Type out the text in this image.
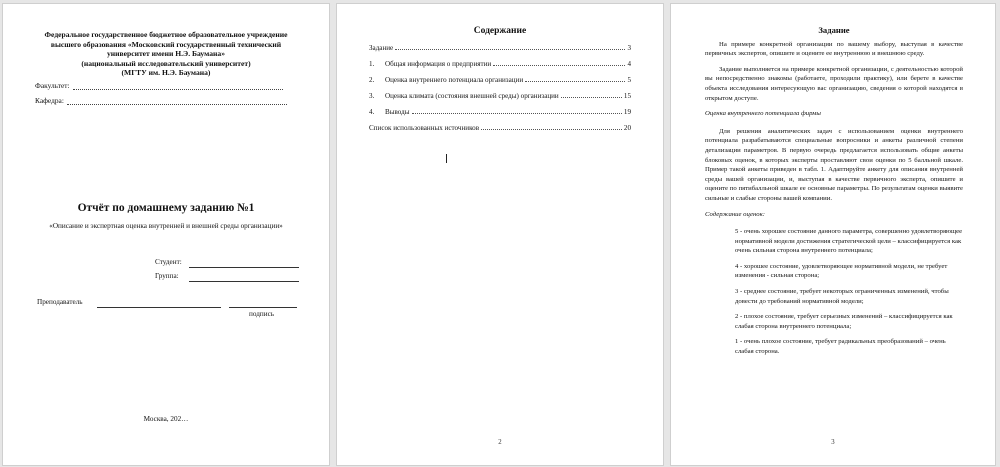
Федеральное государственное бюджетное образовательное учреждение
высшего образования «Московский государственный технический
университет имени Н.Э. Баумана»
(национальный исследовательский университет)
(МГТУ им. Н.Э. Баумана)
Факультет:
Кафедра:
Отчёт по домашнему заданию №1
«Описание и экспертная оценка внутренней и внешней среды организации»
Студент:
Группа:
Преподаватель
подпись
Москва, 202…
Содержание
Задание	3
1.	Общая информация о предприятии	4
2.	Оценка внутреннего потенциала организации	5
3.	Оценка климата (состояния внешней среды) организации	15
4.	Выводы	19
Список использованных источников	20
2
Задание

На примере конкретной организации по вашему выбору, выступая в качестве первичных экспертов, опишите и оцените ее внутреннюю и внешнюю среду.

Задание выполняется на примере конкретной организации, с деятельностью которой вы непосредственно знакомы (работаете, проходили практику), или берете в качестве объекта исследования интересующую вас организацию, сведения о которой находятся в открытом доступе.

Оценка внутреннего потенциала фирмы

Для решения аналитических задач с использованием оценки внутреннего потенциала разрабатываются специальные вопросники и анкеты различной степени детализации параметров. В первую очередь предлагается использовать общие анкеты блоковых оценок, в которых эксперты проставляют свои оценки по 5 балльной шкале. Пример такой анкеты приведен в табл. 1. Адаптируйте анкету для описания внутренней среды вашей организации, и, выступая в качестве первичного эксперта, опишите и оцените по пятибалльной шкале ее основные параметры. По результатам оценки выявите сильные и слабые стороны вашей компании.

Содержание оценок:

5 - очень хорошее состояние данного параметра, совершенно удовлетворяющее нормативной модели достижения стратегической цели – классифицируется как очень сильная сторона внутреннего потенциала;
4 - хорошее состояние, удовлетворяющее нормативной модели, не требует изменения - сильная сторона;
3 - среднее состояние, требует некоторых ограниченных изменений, чтобы довести до требований нормативной модели;
2 - плохое состояние, требует серьезных изменений – классифицируется как слабая сторона внутреннего потенциала;
1 - очень плохое состояние, требует радикальных преобразований – очень слабая сторона.
3
